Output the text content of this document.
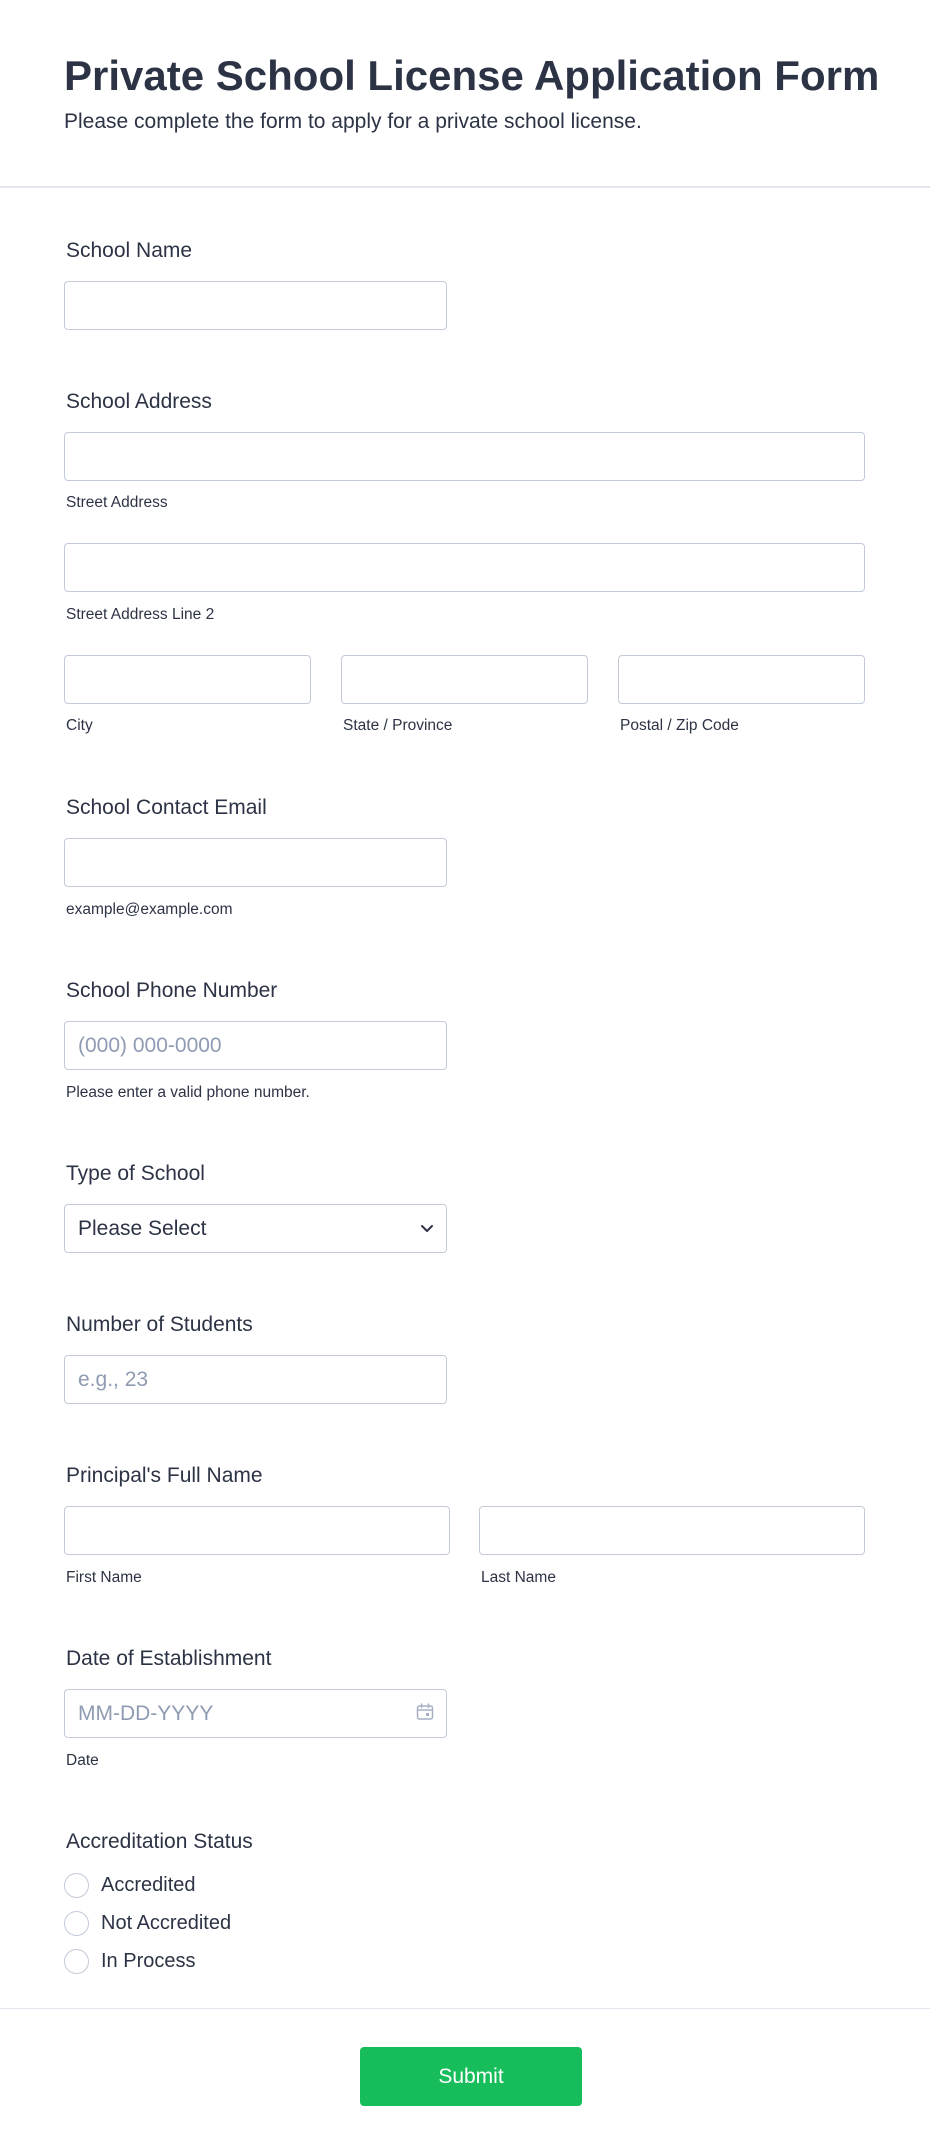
Private School License Application Form
Please complete the form to apply for a private school license.
School Name
School Address
Street Address
Street Address Line 2
City	State / Province	Postal / Zip Code
School Contact Email
example@example.com
School Phone Number
(000) 000-0000
Please enter a valid phone number.
Type of School
Please Select
Number of Students
e.g., 23
Principal's Full Name
First Name	Last Name
Date of Establishment
MM-DD-YYYY
Date
Accreditation Status
Accredited
Not Accredited
In Process
Submit
